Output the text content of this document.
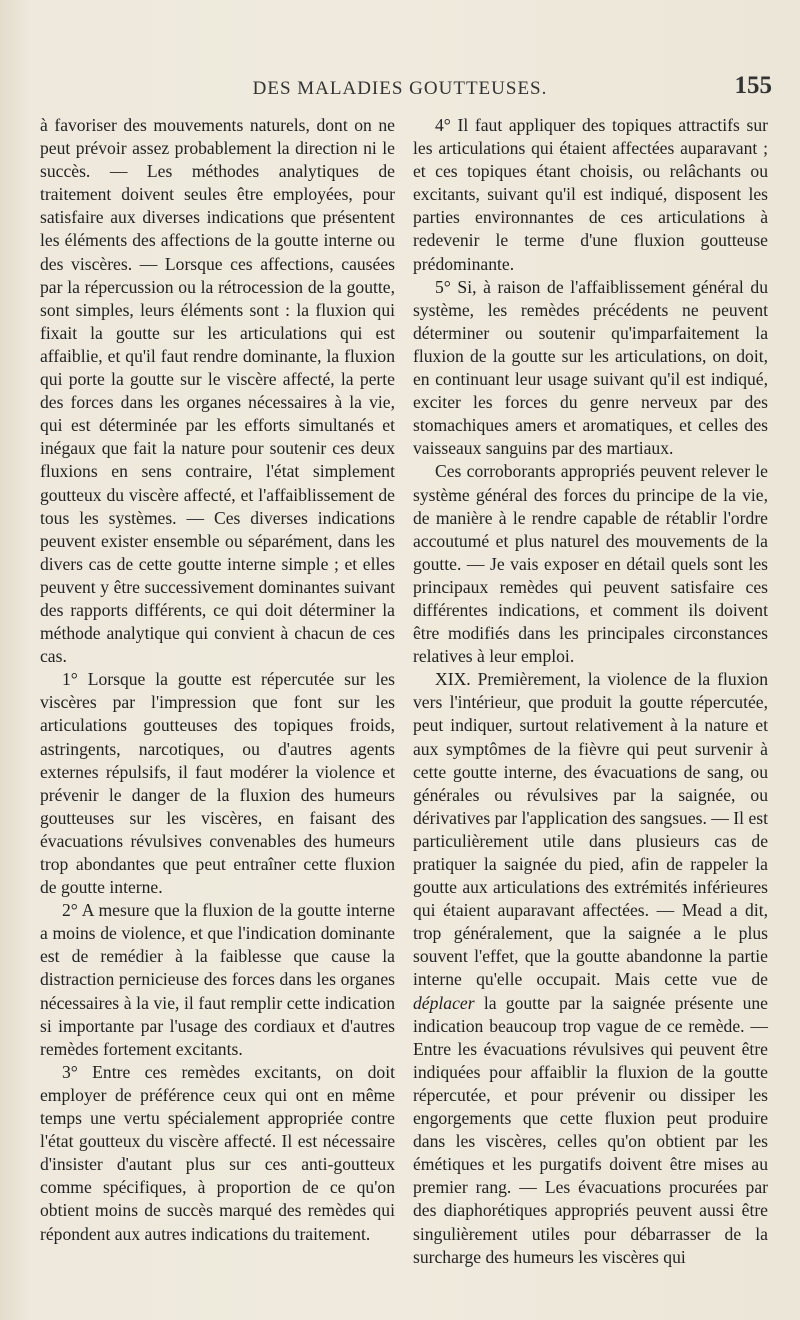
DES MALADIES GOUTTEUSES.	155

à favoriser des mouvements naturels, dont on ne peut prévoir assez probablement la direction ni le succès. — Les méthodes analytiques de traitement doivent seules être employées, pour satisfaire aux diverses indications que présentent les éléments des affections de la goutte interne ou des viscères. — Lorsque ces affections, causées par la répercussion ou la rétrocession de la goutte, sont simples, leurs éléments sont : la fluxion qui fixait la goutte sur les articulations qui est affaiblie, et qu'il faut rendre dominante, la fluxion qui porte la goutte sur le viscère affecté, la perte des forces dans les organes nécessaires à la vie, qui est déterminée par les efforts simultanés et inégaux que fait la nature pour soutenir ces deux fluxions en sens contraire, l'état simplement goutteux du viscère affecté, et l'affaiblissement de tous les systèmes. — Ces diverses indications peuvent exister ensemble ou séparément, dans les divers cas de cette goutte interne simple ; et elles peuvent y être successivement dominantes suivant des rapports différents, ce qui doit déterminer la méthode analytique qui convient à chacun de ces cas.

1° Lorsque la goutte est répercutée sur les viscères par l'impression que font sur les articulations goutteuses des topiques froids, astringents, narcotiques, ou d'autres agents externes répulsifs, il faut modérer la violence et prévenir le danger de la fluxion des humeurs goutteuses sur les viscères, en faisant des évacuations révulsives convenables des humeurs trop abondantes que peut entraîner cette fluxion de goutte interne.

2° A mesure que la fluxion de la goutte interne a moins de violence, et que l'indication dominante est de remédier à la faiblesse que cause la distraction pernicieuse des forces dans les organes nécessaires à la vie, il faut remplir cette indication si importante par l'usage des cordiaux et d'autres remèdes fortement excitants.

3° Entre ces remèdes excitants, on doit employer de préférence ceux qui ont en même temps une vertu spécialement appropriée contre l'état goutteux du viscère affecté. Il est nécessaire d'insister d'autant plus sur ces anti-goutteux comme spécifiques, à proportion de ce qu'on obtient moins de succès marqué des remèdes qui répondent aux autres indications du traitement.

4° Il faut appliquer des topiques attractifs sur les articulations qui étaient affectées auparavant ; et ces topiques étant choisis, ou relâchants ou excitants, suivant qu'il est indiqué, disposent les parties environnantes de ces articulations à redevenir le terme d'une fluxion goutteuse prédominante.

5° Si, à raison de l'affaiblissement général du système, les remèdes précédents ne peuvent déterminer ou soutenir qu'imparfaitement la fluxion de la goutte sur les articulations, on doit, en continuant leur usage suivant qu'il est indiqué, exciter les forces du genre nerveux par des stomachiques amers et aromatiques, et celles des vaisseaux sanguins par des martiaux.

Ces corroborants appropriés peuvent relever le système général des forces du principe de la vie, de manière à le rendre capable de rétablir l'ordre accoutumé et plus naturel des mouvements de la goutte. — Je vais exposer en détail quels sont les principaux remèdes qui peuvent satisfaire ces différentes indications, et comment ils doivent être modifiés dans les principales circonstances relatives à leur emploi.

XIX. Premièrement, la violence de la fluxion vers l'intérieur, que produit la goutte répercutée, peut indiquer, surtout relativement à la nature et aux symptômes de la fièvre qui peut survenir à cette goutte interne, des évacuations de sang, ou générales ou révulsives par la saignée, ou dérivatives par l'application des sangsues. — Il est particulièrement utile dans plusieurs cas de pratiquer la saignée du pied, afin de rappeler la goutte aux articulations des extrémités inférieures qui étaient auparavant affectées. — Mead a dit, trop généralement, que la saignée a le plus souvent l'effet, que la goutte abandonne la partie interne qu'elle occupait. Mais cette vue de déplacer la goutte par la saignée présente une indication beaucoup trop vague de ce remède. — Entre les évacuations révulsives qui peuvent être indiquées pour affaiblir la fluxion de la goutte répercutée, et pour prévenir ou dissiper les engorgements que cette fluxion peut produire dans les viscères, celles qu'on obtient par les émétiques et les purgatifs doivent être mises au premier rang. — Les évacuations procurées par des diaphorétiques appropriés peuvent aussi être singulièrement utiles pour débarrasser de la surcharge des humeurs les viscères qui
